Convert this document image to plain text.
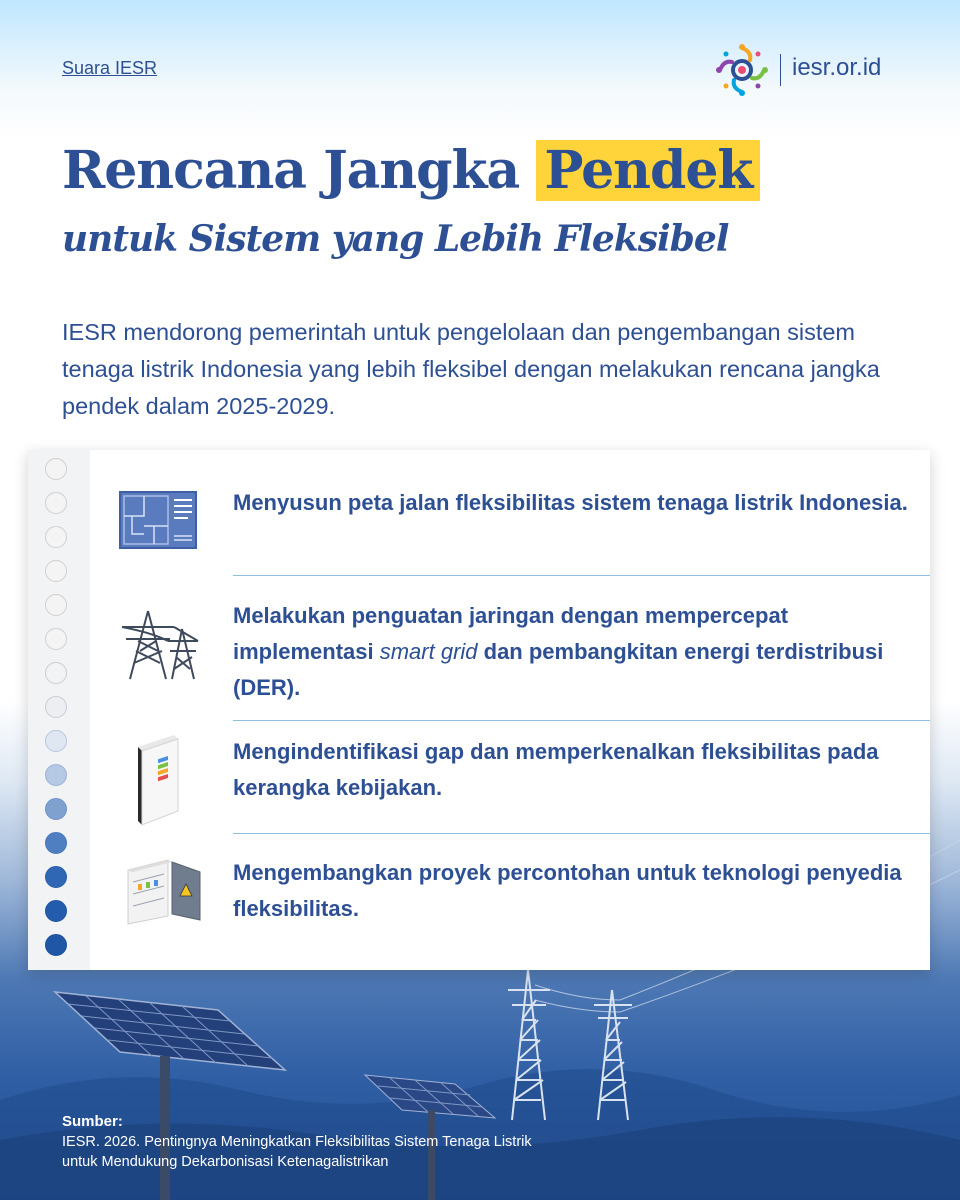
Suara IESR	iesr.or.id
Rencana Jangka Pendek
untuk Sistem yang Lebih Fleksibel
IESR mendorong pemerintah untuk pengelolaan dan pengembangan sistem tenaga listrik Indonesia yang lebih fleksibel dengan melakukan rencana jangka pendek dalam 2025-2029.
Menyusun peta jalan fleksibilitas sistem tenaga listrik Indonesia.
Melakukan penguatan jaringan dengan mempercepat implementasi smart grid dan pembangkitan energi terdistribusi (DER).
Mengindentifikasi gap dan memperkenalkan fleksibilitas pada kerangka kebijakan.
Mengembangkan proyek percontohan untuk teknologi penyedia fleksibilitas.
Sumber:
IESR. 2026. Pentingnya Meningkatkan Fleksibilitas Sistem Tenaga Listrik
untuk Mendukung Dekarbonisasi Ketenagalistrikan
